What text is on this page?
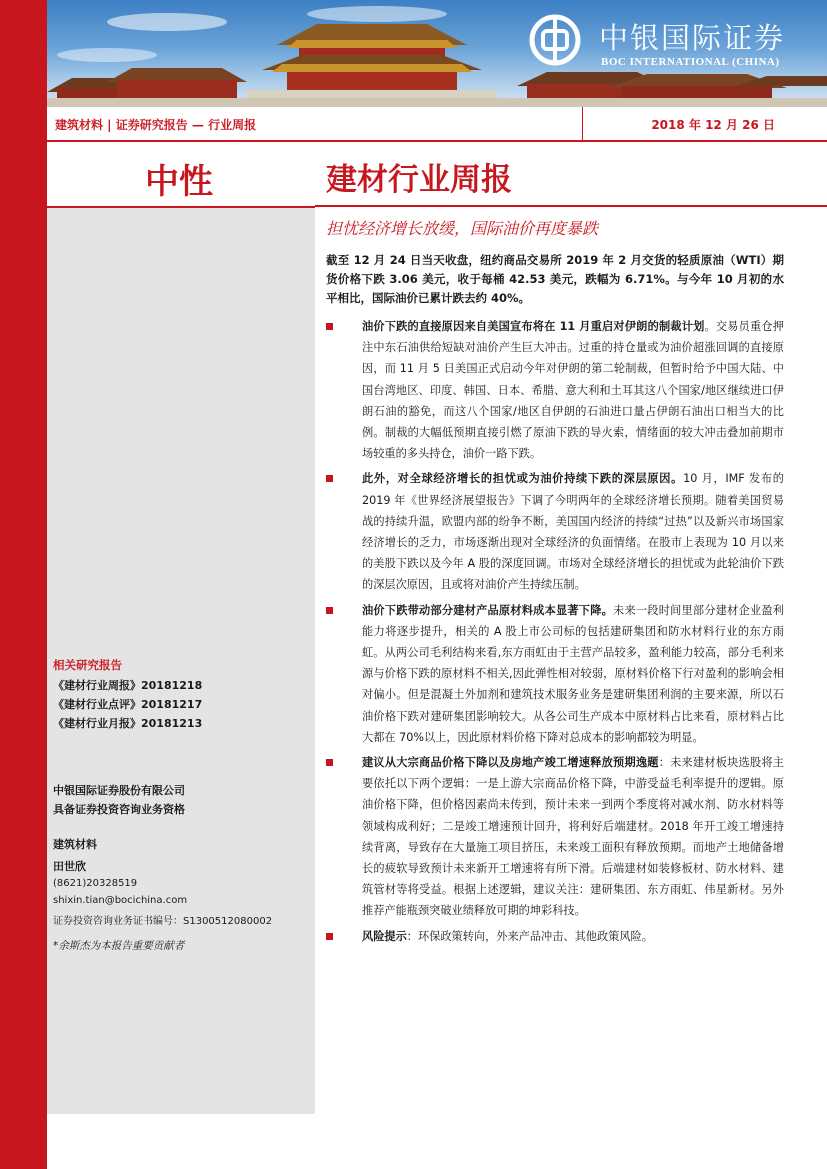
中银国际证券
BOC INTERNATIONAL (CHINA)
建筑材料 | 证券研究报告 — 行业周报	2018 年 12 月 26 日
中性
相关研究报告
《建材行业周报》20181218
《建材行业点评》20181217
《建材行业月报》20181213
中银国际证券股份有限公司
具备证券投资咨询业务资格
建筑材料
田世欣
(8621)20328519
shixin.tian@bocichina.com
证券投资咨询业务证书编号：S1300512080002
*余斯杰为本报告重要贡献者
建材行业周报
担忧经济增长放缓，国际油价再度暴跌
截至 12 月 24 日当天收盘，纽约商品交易所 2019 年 2 月交货的轻质原油（WTI）期货价格下跌 3.06 美元，收于每桶 42.53 美元，跌幅为 6.71%。与今年 10 月初的水平相比，国际油价已累计跌去约 40%。
油价下跌的直接原因来自美国宣布将在 11 月重启对伊朗的制裁计划。交易员重仓押注中东石油供给短缺对油价产生巨大冲击。过重的持仓量或为油价超涨回调的直接原因，而 11 月 5 日美国正式启动今年对伊朗的第二轮制裁，但暂时给予中国大陆、中国台湾地区、印度、韩国、日本、希腊、意大利和土耳其这八个国家/地区继续进口伊朗石油的豁免，而这八个国家/地区自伊朗的石油进口量占伊朗石油出口相当大的比例。制裁的大幅低预期直接引燃了原油下跌的导火索，情绪面的较大冲击叠加前期市场较重的多头持仓，油价一路下跌。
此外，对全球经济增长的担忧或为油价持续下跌的深层原因。10 月，IMF 发布的 2019 年《世界经济展望报告》下调了今明两年的全球经济增长预期。随着美国贸易战的持续升温，欧盟内部的纷争不断，美国国内经济的持续“过热”以及新兴市场国家经济增长的乏力，市场逐渐出现对全球经济的负面情绪。在股市上表现为 10 月以来的美股下跌以及今年 A 股的深度回调。市场对全球经济增长的担忧或为此轮油价下跌的深层次原因，且或将对油价产生持续压制。
油价下跌带动部分建材产品原材料成本显著下降。未来一段时间里部分建材企业盈利能力将逐步提升，相关的 A 股上市公司标的包括建研集团和防水材料行业的东方雨虹。从两公司毛利结构来看,东方雨虹由于主营产品较多，盈利能力较高，部分毛利来源与价格下跌的原材料不相关,因此弹性相对较弱，原材料价格下行对盈利的影响会相对偏小。但是混凝土外加剂和建筑技术服务业务是建研集团利润的主要来源，所以石油价格下跌对建研集团影响较大。从各公司生产成本中原材料占比来看，原材料占比大都在 70%以上，因此原材料价格下降对总成本的影响都较为明显。
建议从大宗商品价格下降以及房地产竣工增速释放预期逸题：未来建材板块选股将主要依托以下两个逻辑：一是上游大宗商品价格下降，中游受益毛利率提升的逻辑。原油价格下降，但价格因素尚未传到，预计未来一到两个季度将对减水剂、防水材料等领域构成利好；二是竣工增速预计回升，将利好后端建材。2018 年开工竣工增速持续背离，导致存在大量施工项目挤压，未来竣工面积有释放预期。而地产土地储备增长的疲软导致预计未来新开工增速将有所下滑。后端建材如装修板材、防水材料、建筑管材等将受益。根据上述逻辑，建议关注：建研集团、东方雨虹、伟星新材。另外推荐产能瓶颈突破业绩释放可期的坤彩科技。
风险提示：环保政策转向，外来产品冲击、其他政策风险。
